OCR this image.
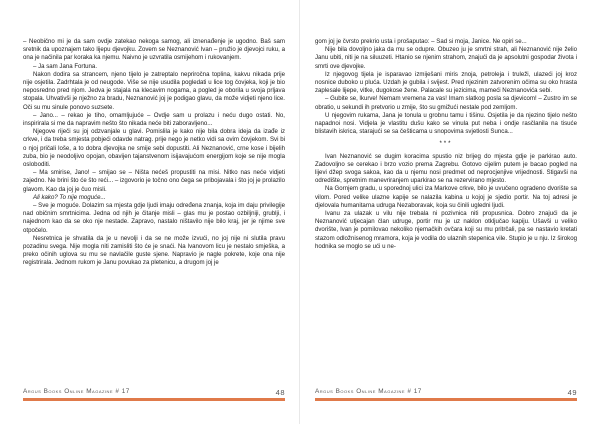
– Neobično mi je da sam ovdje zatekao nekoga samog, ali iznenađenje je ugodno. Baš sam sretnik da upoznajem tako lijepu djevojku. Zovem se Neznanović Ivan – pružio je djevojci ruku, a ona je načinila par koraka ka njemu. Naivno je uzvratila osmijehom i rukovanjem.

– Ja sam Jana Fortuna.

Nakon dodira sa strancem, njeno tijelo je zatreptalo nepriročna toplina, kakvu nikada prije nije osjetila. Zadrhtala je od neugode. Više se nije usudila pogledati u lice tog čovjeka, koji je bio neposredno pred njom. Jedva je stajala na klecavim nogama, a pogled je oborila u svoja prljava stopala. Uhvativši je nježno za bradu, Neznanović joj je podigao glavu, da može vidjeti njeno lice. Oči su mu sinule ponovo suzsete.

– Jano... – rekao je tiho, omamljujuće – Ovdje sam u prolazu i neću dugo ostati. No, inspirirala si me da napravim nešto što nikada neće biti zaboravljeno...

Njegove riječi su joj odzvanjale u glavi. Pomislila je kako nije bila dobra ideja da izađe iz crkve, i da treba smjesta pobjeći odavde natrag. prije nego je netko vidi sa ovim čovjekom. Svi bi o njoj pričali loše, a to dobra djevojka ne smije sebi dopustiti. Ali Neznanović, crne kose i bijelih zuba, bio je neodoljivo opojan, obavijen tajanstvenom isijavajućom energijom koje se nije mogla osloboditi.

– Ma smirise, Jano! – smijao se – Ništa nećeš propustiti na misi. Nitko nas neće vidjeti zajedno. Ne brini što će što reći... – izgovorio je točno ono čega se pribojavala i što joj je prolazilo glavom. Kao da joj je čuo misli.

Ali kako? To nije moguće...

– Sve je moguće. Dolazim sa mjesta gdje ljudi imaju određena znanja, koja im daju privilegije nad običnim smrtnicima. Jedna od njih je čitanje misli – glas mu je postao ozbiljniji, grublji, i najednom kao da se oko nje nestade. Zapravo, nastalo ništavilo nije bilo kraj, jer je njime sve otpočelo.

Nesretnica je shvatila da je u nevolji i da se ne može izvući, no joj nije ni slutila pravu pozadinu svega. Nije mogla niti zamisliti što će je snaći. Na lvanovom licu je nestalo smješka, a preko očinih uglova su mu se navlačile guste sjene. Napravio je nagle pokrete, koje ona nije registrirala. Jednom rukom je Janu povukao za pletenicu, a drugom joj je

Argus Books Online Magazine # 17	48

gom joj je čvrsto prekrio usta i prošaputao: – Sad si moja, Janice. Ne opiri se...

Nije bila dovoljno jaka da mu se odupre. Obuzeo ju je smrtni strah, ali Neznanović nije želio Janu ubiti, niti je na siluuzeti. Htanio se njenim strahom, znajući da je apsolutni gospodar života i smrti ove djevojke.

Iz njegovog tijela je isparavao izmiješani miris znoja, petroleja i truleži, ulazeći joj kroz nosnice duboko u pluća. Uzdah je gubila i svijest. Pred njezinim zatvorenim očima su oko hrasta zaplesale lijepe, vitke, dugokose žene. Palacale su jezicima, mameći Neznanovića sebi.

– Gubite se, lkurve! Nemam vremena za vas! Imam slatkog posla sa djevicom! – Zustro im se obratio, u sekundi ih pretvorio u zmije, što su gmižući nestale pod zemljom.

U njegovim rukama, Jana je tonula u grobnu tamu i tišinu. Osjetila je da njezino tijelo nešto napadnoi nosi. Vidjela je vlastitu dušu kako se vinula put neba i ondje rasčlanila na tisuće blistavih iskrica, starajući se sa češticama u snopovima svjetlosti Sunca...

***

Ivan Neznanović se dugim koracima spustio niz brijeg do mjesta gdje je parkirao auto. Zadovoljno se cerekao i brzo vozio prema Zagrebu. Gotovo cijelim putem je bacao pogled na lijevi džep svoga sakoa, kao da u njemu nosi predmet od neprocjenjive vrijednosti. Stigavši na odredište, spretnim manevriranjem uparkirao se na rezervirano mjesto.

Na Gornjem gradu, u sporednoj ulici iza Markove crkve, bilo je uvučeno ogradeno dvorište sa vilom. Pored velike ulazne kapije se nalazila kabina u kojoj je sjedio portir. Na toj adresi je djelovala humanitarna udruga Nezaboravak, koja su činili ugledni ljudi.

Ivanu za ulazak u vilu nije trebala ni pozivnica niti propusnica. Dobro znajući da je Neznanović utjecajan član udruge, portir mu je uz naklon otključao kapiju. Ušavši u veliko dvorište, Ivan je pomilovao nekoliko njemačkih ovčara koji su mu pritrčali, pa se nastavio kretati stazom odložnisenog mramora, koja je vodila do ulaznih stepenica vile. Stupio je u nju. Iz širokog hodnika se moglo se ući u ne-

Argus Books Online Magazine # 17	49
